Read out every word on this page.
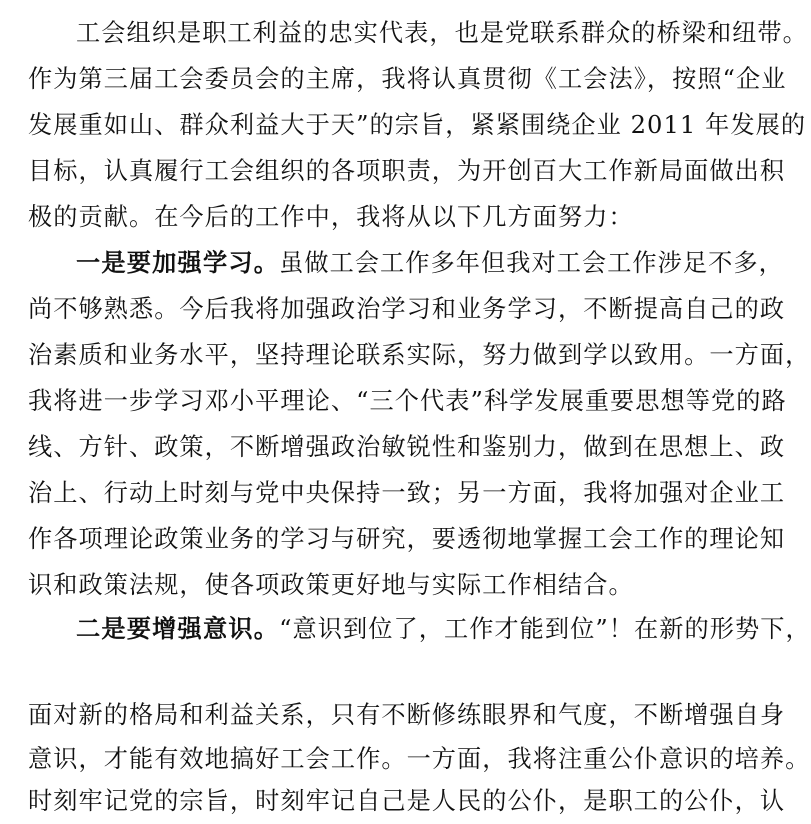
工会组织是职工利益的忠实代表，也是党联系群众的桥梁和纽带。
作为第三届工会委员会的主席，我将认真贯彻《工会法》，按照“企业
发展重如山、群众利益大于天”的宗旨，紧紧围绕企业 2011 年发展的
目标，认真履行工会组织的各项职责，为开创百大工作新局面做出积
极的贡献。在今后的工作中，我将从以下几方面努力：
一是要加强学习。虽做工会工作多年但我对工会工作涉足不多，
尚不够熟悉。今后我将加强政治学习和业务学习，不断提高自己的政
治素质和业务水平，坚持理论联系实际，努力做到学以致用。一方面，
我将进一步学习邓小平理论、“三个代表”科学发展重要思想等党的路
线、方针、政策，不断增强政治敏锐性和鉴别力，做到在思想上、政
治上、行动上时刻与党中央保持一致；另一方面，我将加强对企业工
作各项理论政策业务的学习与研究，要透彻地掌握工会工作的理论知
识和政策法规，使各项政策更好地与实际工作相结合。
二是要增强意识。“意识到位了，工作才能到位”！在新的形势下，
面对新的格局和利益关系，只有不断修练眼界和气度，不断增强自身
意识，才能有效地搞好工会工作。一方面，我将注重公仆意识的培养。
时刻牢记党的宗旨，时刻牢记自己是人民的公仆，是职工的公仆，认
